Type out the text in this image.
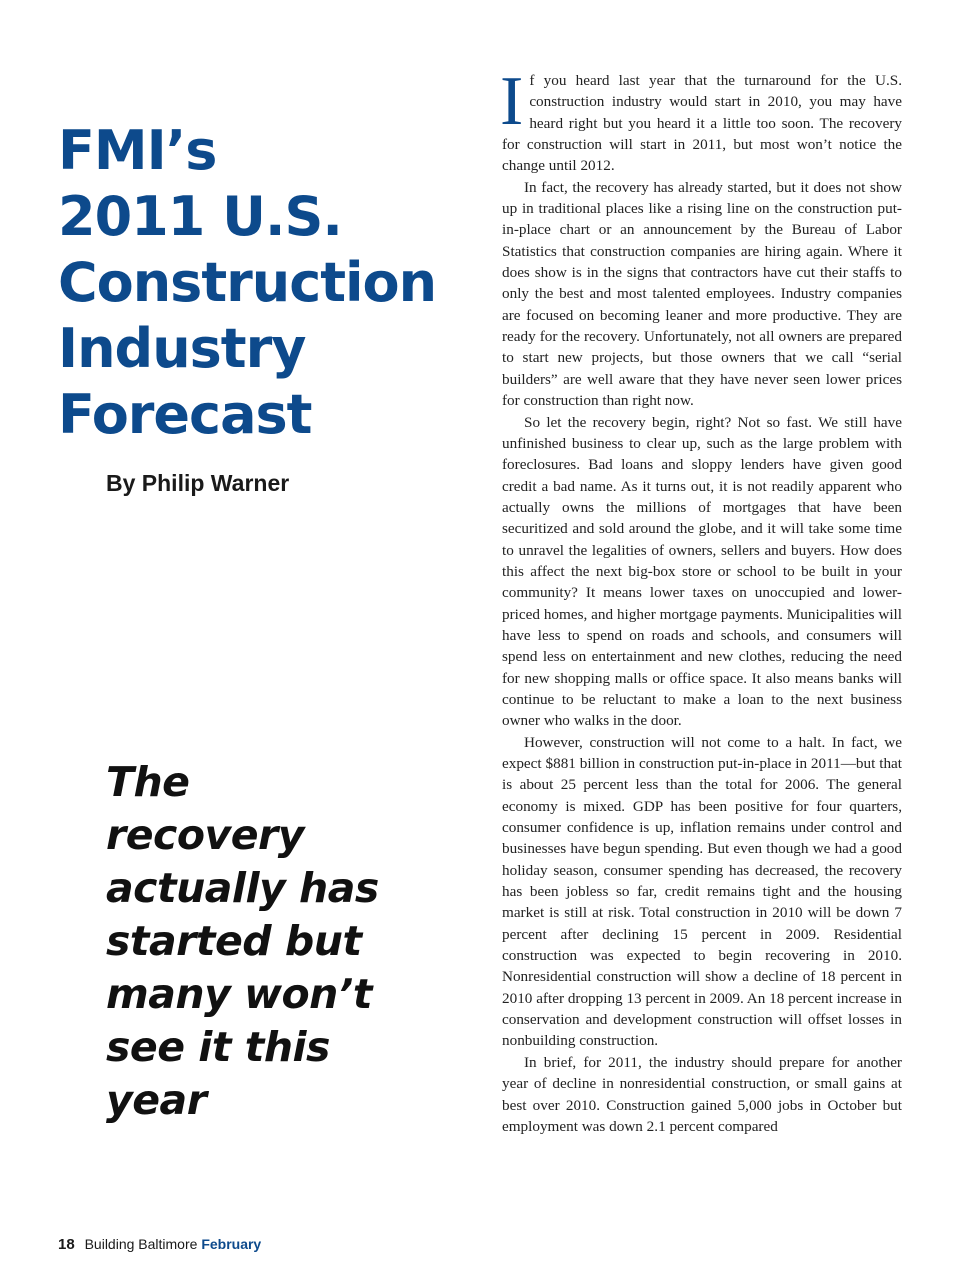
FMI’s
2011 U.S.
Construction
Industry
Forecast

By Philip Warner

The
recovery
actually has
started but
many won’t
see it this
year

If you heard last year that the turnaround for the U.S. construction industry would start in 2010, you may have heard right but you heard it a little too soon. The recovery for construction will start in 2011, but most won’t notice the change until 2012.

In fact, the recovery has already started, but it does not show up in traditional places like a rising line on the construction put-in-place chart or an announcement by the Bureau of Labor Statistics that construction companies are hiring again. Where it does show is in the signs that contractors have cut their staffs to only the best and most talented employees. Industry companies are focused on becoming leaner and more productive. They are ready for the recovery. Unfortunately, not all owners are prepared to start new projects, but those owners that we call “serial builders” are well aware that they have never seen lower prices for construction than right now.

So let the recovery begin, right? Not so fast. We still have unfinished business to clear up, such as the large problem with foreclosures. Bad loans and sloppy lenders have given good credit a bad name. As it turns out, it is not readily apparent who actually owns the millions of mortgages that have been securitized and sold around the globe, and it will take some time to unravel the legalities of owners, sellers and buyers. How does this affect the next big-box store or school to be built in your community? It means lower taxes on unoccupied and lower-priced homes, and higher mortgage payments. Municipalities will have less to spend on roads and schools, and consumers will spend less on entertainment and new clothes, reducing the need for new shopping malls or office space. It also means banks will continue to be reluctant to make a loan to the next business owner who walks in the door.

However, construction will not come to a halt. In fact, we expect $881 billion in construction put-in-place in 2011—but that is about 25 percent less than the total for 2006. The general economy is mixed. GDP has been positive for four quarters, consumer confidence is up, inflation remains under control and businesses have begun spending. But even though we had a good holiday season, consumer spending has decreased, the recovery has been jobless so far, credit remains tight and the housing market is still at risk. Total construction in 2010 will be down 7 percent after declining 15 percent in 2009. Residential construction was expected to begin recovering in 2010. Nonresidential construction will show a decline of 18 percent in 2010 after dropping 13 percent in 2009. An 18 percent increase in conservation and development construction will offset losses in nonbuilding construction.

In brief, for 2011, the industry should prepare for another year of decline in nonresidential construction, or small gains at best over 2010. Construction gained 5,000 jobs in October but employment was down 2.1 percent compared

18 Building Baltimore February
